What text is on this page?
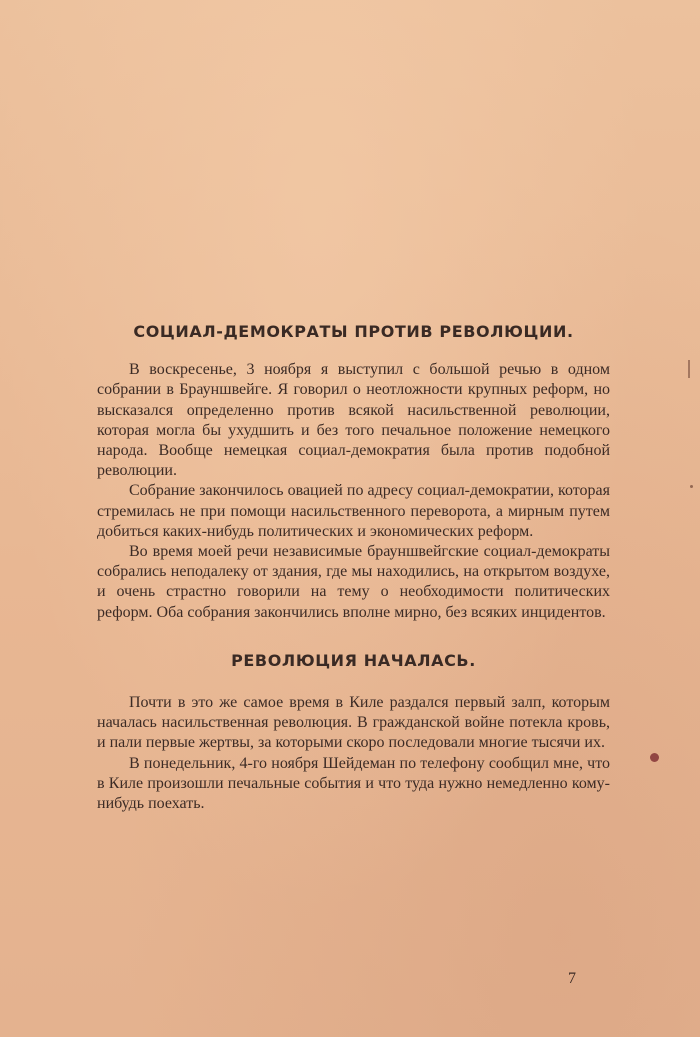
СОЦИАЛ-ДЕМОКРАТЫ ПРОТИВ РЕВОЛЮЦИИ.

В воскресенье, 3 ноября я выступил с большой речью в одном собрании в Брауншвейге. Я говорил о неотложности крупных реформ, но высказался определенно против всякой насильственной революции, которая могла бы ухудшить и без того печальное положение немецкого народа. Вообще немецкая социал-демократия была против подобной революции.

Собрание закончилось овацией по адресу социал-демократии, которая стремилась не при помощи насильственного переворота, а мирным путем добиться каких-нибудь политических и экономических реформ.

Во время моей речи независимые брауншвейгские социал-демократы собрались неподалеку от здания, где мы находились, на открытом воздухе, и очень страстно говорили на тему о необходимости политических реформ. Оба собрания закончились вполне мирно, без всяких инцидентов.

РЕВОЛЮЦИЯ НАЧАЛАСЬ.

Почти в это же самое время в Киле раздался первый залп, которым началась насильственная революция. В гражданской войне потекла кровь, и пали первые жертвы, за которыми скоро последовали многие тысячи их.

В понедельник, 4-го ноября Шейдеман по телефону сообщил мне, что в Киле произошли печальные события и что туда нужно немедленно кому-нибудь поехать.

7
